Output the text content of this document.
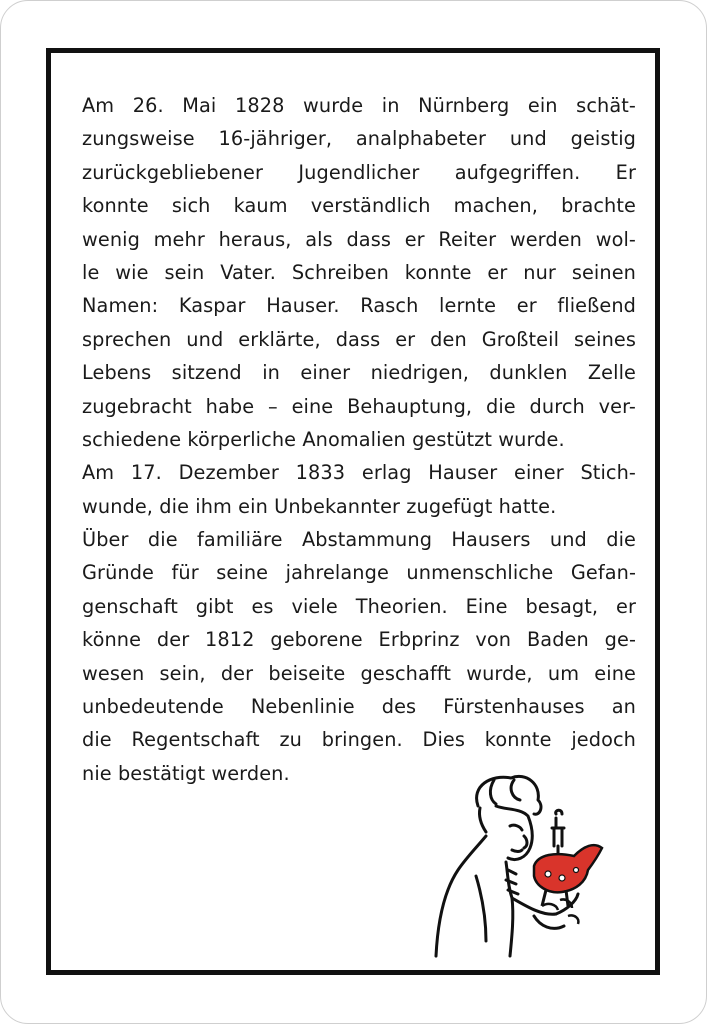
Am 26. Mai 1828 wurde in Nürnberg ein schät-
zungsweise 16-jähriger, analphabeter und geistig
zurückgebliebener Jugendlicher aufgegriffen. Er
konnte sich kaum verständlich machen, brachte
wenig mehr heraus, als dass er Reiter werden wol-
le wie sein Vater. Schreiben konnte er nur seinen
Namen: Kaspar Hauser. Rasch lernte er fließend
sprechen und erklärte, dass er den Großteil seines
Lebens sitzend in einer niedrigen, dunklen Zelle
zugebracht habe – eine Behauptung, die durch ver-
schiedene körperliche Anomalien gestützt wurde.
Am 17. Dezember 1833 erlag Hauser einer Stich-
wunde, die ihm ein Unbekannter zugefügt hatte.
Über die familiäre Abstammung Hausers und die
Gründe für seine jahrelange unmenschliche Gefan-
genschaft gibt es viele Theorien. Eine besagt, er
könne der 1812 geborene Erbprinz von Baden ge-
wesen sein, der beiseite geschafft wurde, um eine
unbedeutende Nebenlinie des Fürstenhauses an
die Regentschaft zu bringen. Dies konnte jedoch
nie bestätigt werden.
